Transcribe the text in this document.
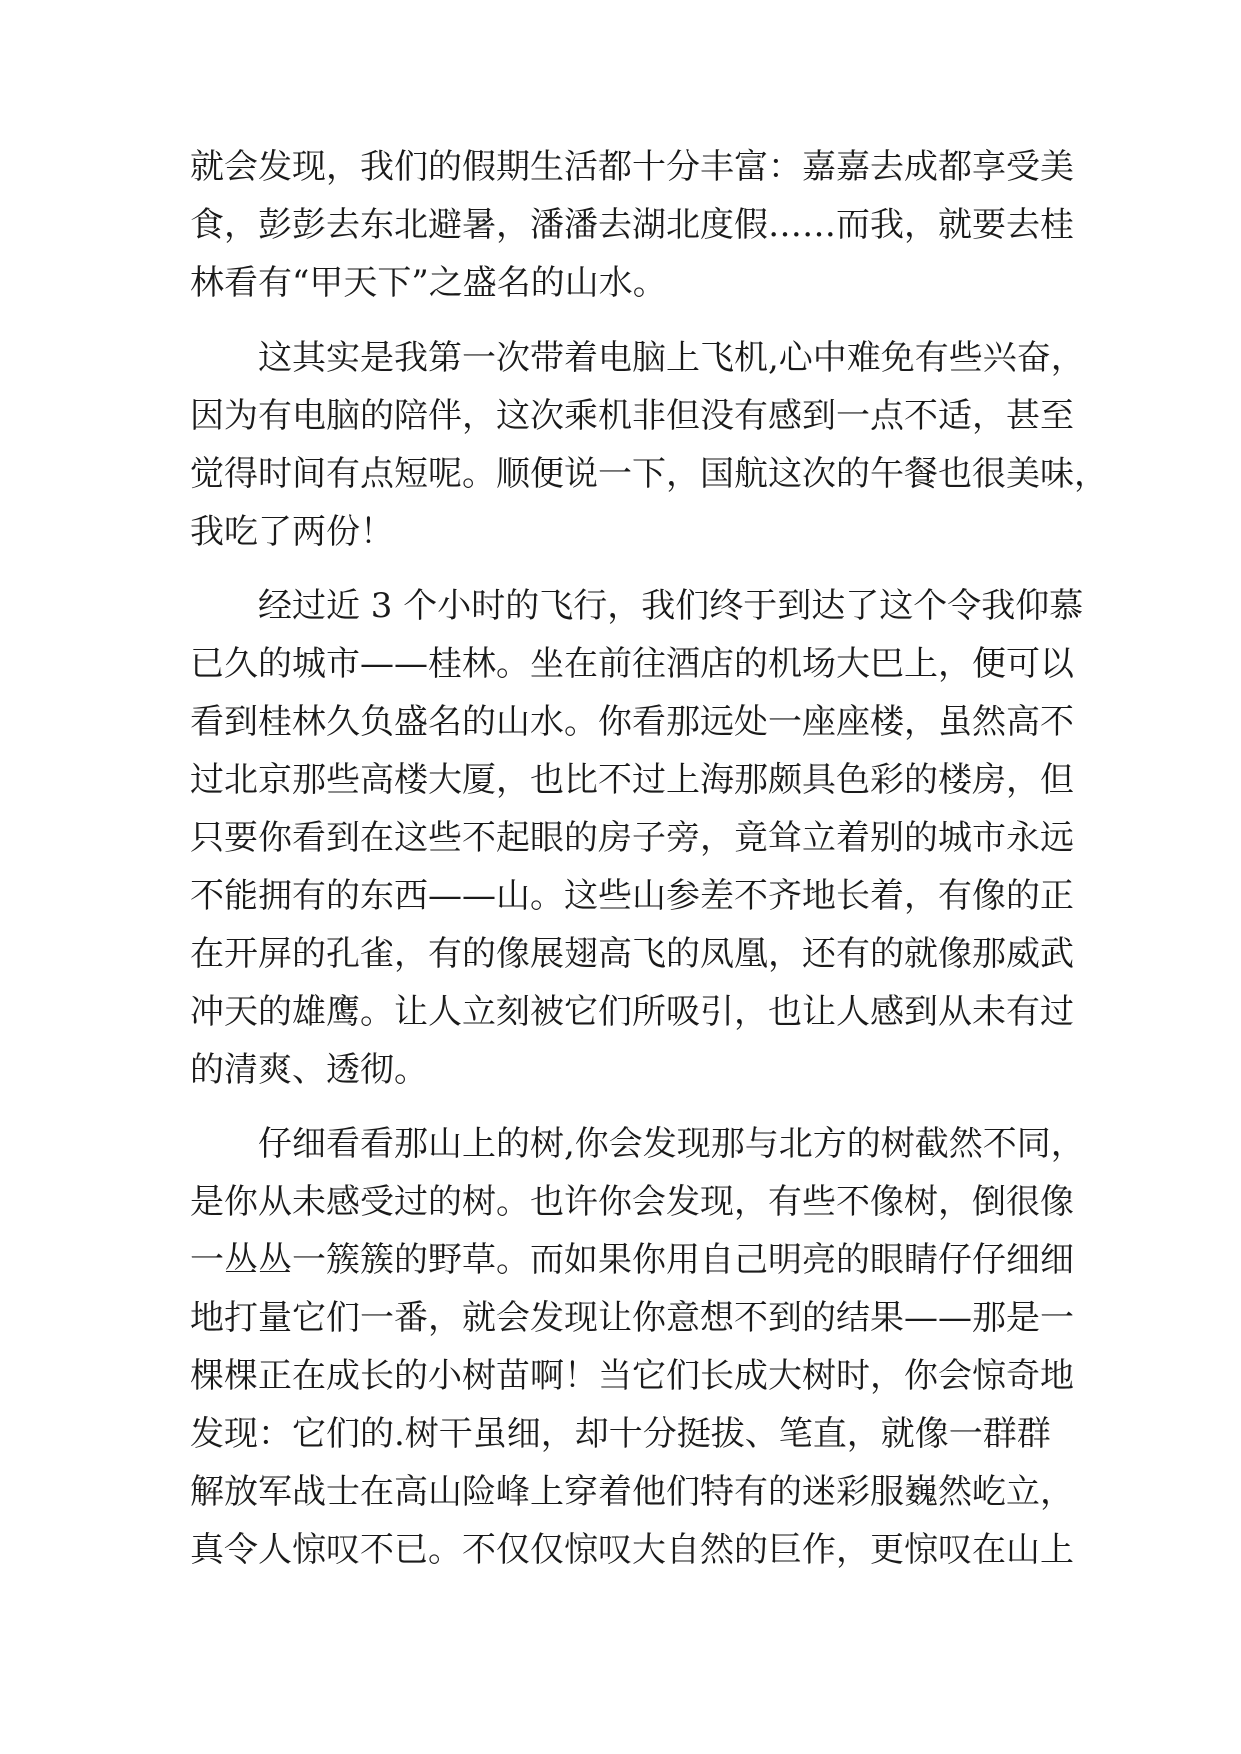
就会发现，我们的假期生活都十分丰富：嘉嘉去成都享受美
食，彭彭去东北避暑，潘潘去湖北度假……而我，就要去桂
林看有“甲天下”之盛名的山水。
这其实是我第一次带着电脑上飞机,心中难免有些兴奋，
因为有电脑的陪伴，这次乘机非但没有感到一点不适，甚至
觉得时间有点短呢。顺便说一下，国航这次的午餐也很美味，
我吃了两份！
经过近 3 个小时的飞行，我们终于到达了这个令我仰慕
已久的城市——桂林。坐在前往酒店的机场大巴上，便可以
看到桂林久负盛名的山水。你看那远处一座座楼，虽然高不
过北京那些高楼大厦，也比不过上海那颇具色彩的楼房，但
只要你看到在这些不起眼的房子旁，竟耸立着别的城市永远
不能拥有的东西——山。这些山参差不齐地长着，有像的正
在开屏的孔雀，有的像展翅高飞的凤凰，还有的就像那威武
冲天的雄鹰。让人立刻被它们所吸引，也让人感到从未有过
的清爽、透彻。
仔细看看那山上的树,你会发现那与北方的树截然不同，
是你从未感受过的树。也许你会发现，有些不像树，倒很像
一丛丛一簇簇的野草。而如果你用自己明亮的眼睛仔仔细细
地打量它们一番，就会发现让你意想不到的结果——那是一
棵棵正在成长的小树苗啊！当它们长成大树时，你会惊奇地
发现：它们的.树干虽细，却十分挺拔、笔直，就像一群群
解放军战士在高山险峰上穿着他们特有的迷彩服巍然屹立，
真令人惊叹不已。不仅仅惊叹大自然的巨作，更惊叹在山上
